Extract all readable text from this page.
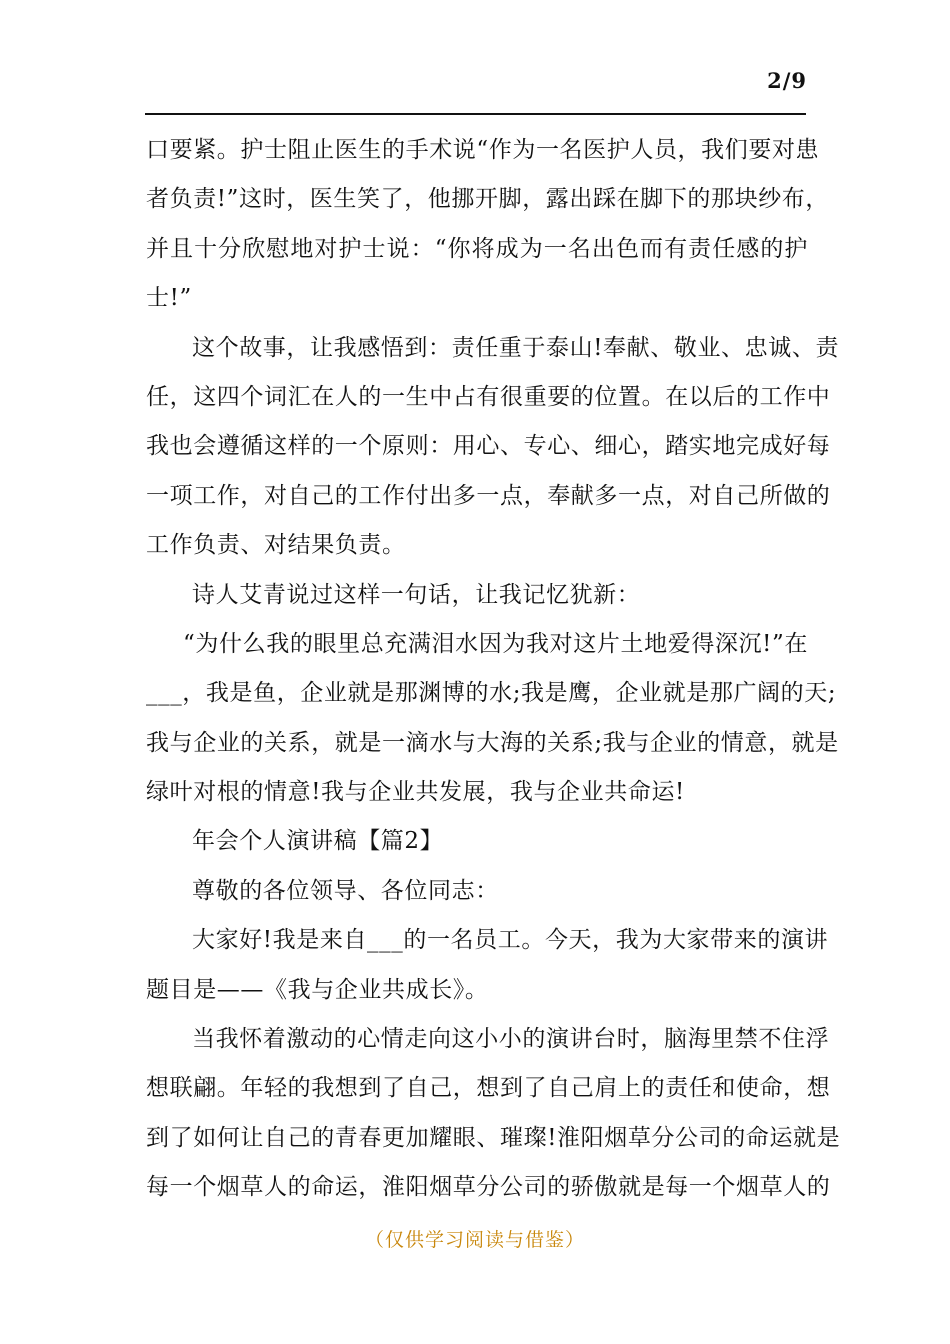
2/9
口要紧。护士阻止医生的手术说“作为一名医护人员，我们要对患
者负责!”这时，医生笑了，他挪开脚，露出踩在脚下的那块纱布，
并且十分欣慰地对护士说：“你将成为一名出色而有责任感的护
士!”
这个故事，让我感悟到：责任重于泰山!奉献、敬业、忠诚、责
任，这四个词汇在人的一生中占有很重要的位置。在以后的工作中
我也会遵循这样的一个原则：用心、专心、细心，踏实地完成好每
一项工作，对自己的工作付出多一点，奉献多一点，对自己所做的
工作负责、对结果负责。
诗人艾青说过这样一句话，让我记忆犹新：
“为什么我的眼里总充满泪水因为我对这片土地爱得深沉!”在
___，我是鱼，企业就是那渊博的水;我是鹰，企业就是那广阔的天;
我与企业的关系，就是一滴水与大海的关系;我与企业的情意，就是
绿叶对根的情意!我与企业共发展，我与企业共命运!
年会个人演讲稿【篇2】
尊敬的各位领导、各位同志：
大家好!我是来自___的一名员工。今天，我为大家带来的演讲
题目是——《我与企业共成长》。
当我怀着激动的心情走向这小小的演讲台时，脑海里禁不住浮
想联翩。年轻的我想到了自己，想到了自己肩上的责任和使命，想
到了如何让自己的青春更加耀眼、璀璨!淮阳烟草分公司的命运就是
每一个烟草人的命运，淮阳烟草分公司的骄傲就是每一个烟草人的
（仅供学习阅读与借鉴）
